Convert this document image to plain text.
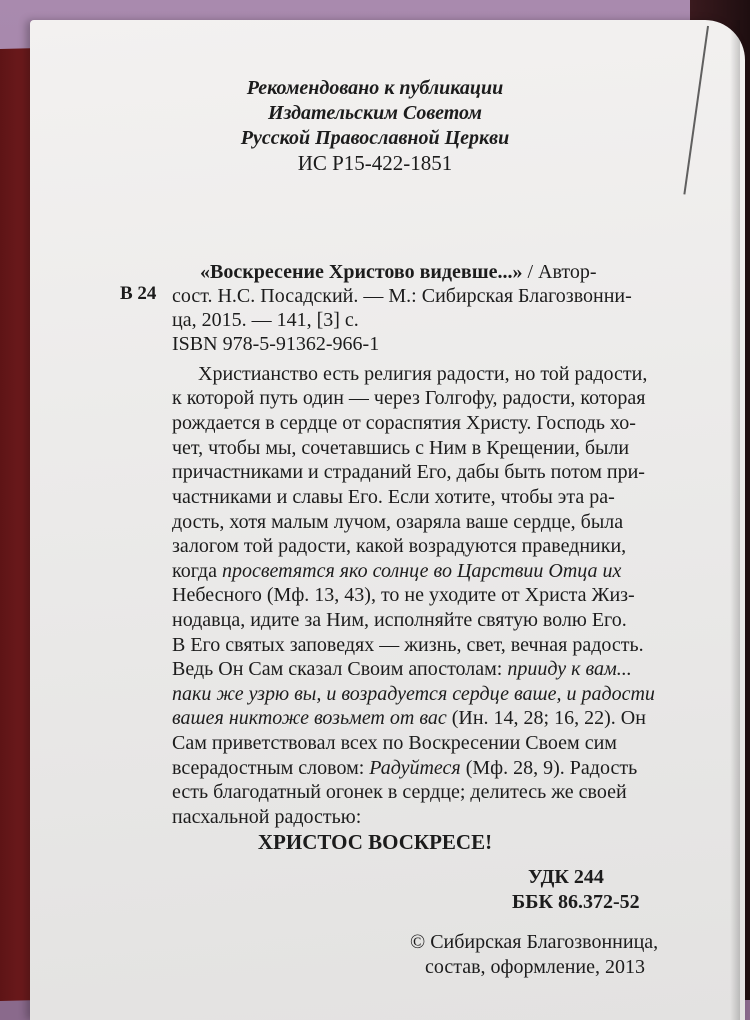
Рекомендовано к публикации
Издательским Советом
Русской Православной Церкви
ИС Р15-422-1851
В 24
«Воскресение Христово видевше...» / Автор-
сост. Н.С. Посадский. — М.: Сибирская Благозвонни-
ца, 2015. — 141, [3] с.
ISBN 978-5-91362-966-1
Христианство есть религия радости, но той радости,
к которой путь один — через Голгофу, радости, которая
рождается в сердце от сораспятия Христу. Господь хо-
чет, чтобы мы, сочетавшись с Ним в Крещении, были
причастниками и страданий Его, дабы быть потом при-
частниками и славы Его. Если хотите, чтобы эта ра-
дость, хотя малым лучом, озаряла ваше сердце, была
залогом той радости, какой возрадуются праведники,
когда просветятся яко солнце во Царствии Отца их
Небесного (Мф. 13, 43), то не уходите от Христа Жиз-
нодавца, идите за Ним, исполняйте святую волю Его.
В Его святых заповедях — жизнь, свет, вечная радость.
Ведь Он Сам сказал Своим апостолам: прииду к вам...
паки же узрю вы, и возрадуется сердце ваше, и радости
вашея никтоже возьмет от вас (Ин. 14, 28; 16, 22). Он
Сам приветствовал всех по Воскресении Своем сим
всерадостным словом: Радуйтеся (Мф. 28, 9). Радость
есть благодатный огонек в сердце; делитесь же своей
пасхальной радостью:
ХРИСТОС ВОСКРЕСЕ!
УДК 244
ББК 86.372-52
© Сибирская Благозвонница,
состав, оформление, 2013
